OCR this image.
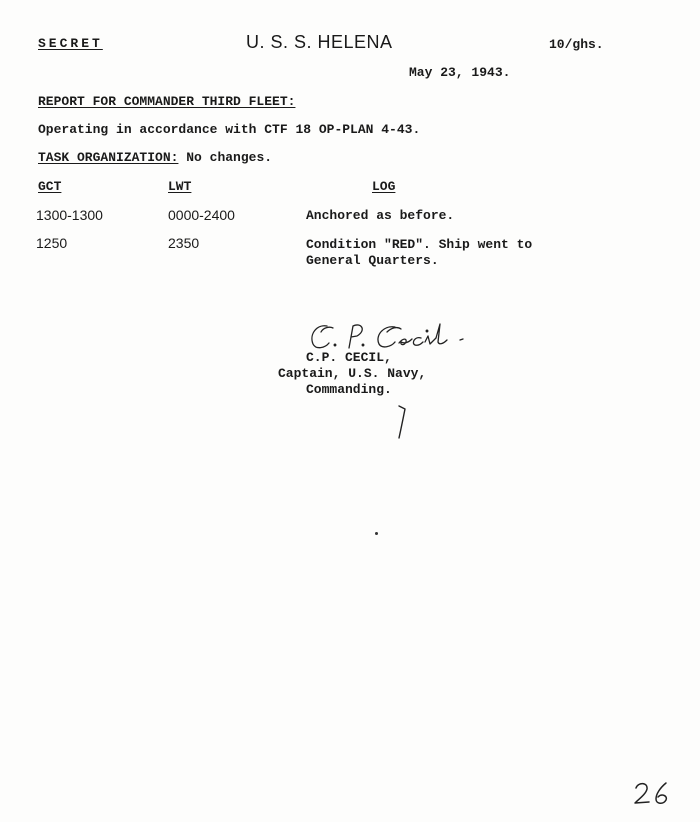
SECRET	U. S. S. HELENA	10/ghs.
May 23, 1943.
REPORT FOR COMMANDER THIRD FLEET:
Operating in accordance with CTF 18 OP-PLAN 4-43.
TASK ORGANIZATION: No changes.
GCT	LWT	LOG
1300-1300	0000-2400	Anchored as before.
1250	2350	Condition "RED". Ship went to
General Quarters.
C.P. CECIL,
Captain, U.S. Navy,
Commanding.
